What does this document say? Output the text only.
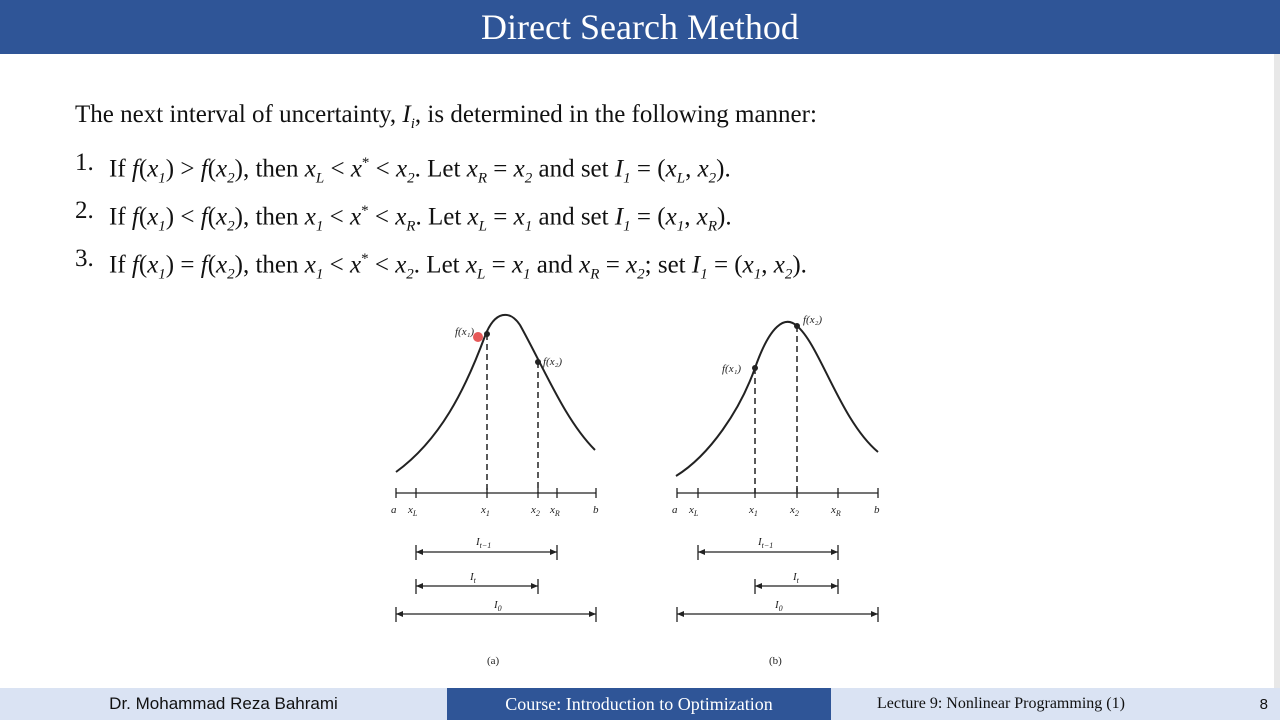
Direct Search Method
The next interval of uncertainty, $I_i$, is determined in the following manner:
1. If $f(x_1) > f(x_2)$, then $x_L < x^* < x_2$. Let $x_R = x_2$ and set $I_1 = (x_L$, $x_2$).
2. If $f(x_1) < f(x_2)$, then $x_1 < x^* < x_R$. Let $x_L = x_1$ and set $I_1 = (x_1$, $x_R$).
3. If $f(x_1) = f(x_2)$, then $x_1 < x^* < x_2$. Let $x_L = x_1$ and $x_R = x_2$; set $I_1 = (x_1$, $x_2$).
f(x₁)
f(x₂)
a $x_L$	$x_1$	$x_2$ $x_R$	b
$I_{t-1}$
$I_t$
$I_0$
(a)
f(x₁)
f(x₂)
a $x_L$	$x_1$	$x_2$	$x_R$	b
$I_{t-1}$
$I_t$
$I_0$
(b)
Dr. Mohammad Reza Bahrami	Course: Introduction to Optimization	Lecture 9: Nonlinear Programming (1)	8
